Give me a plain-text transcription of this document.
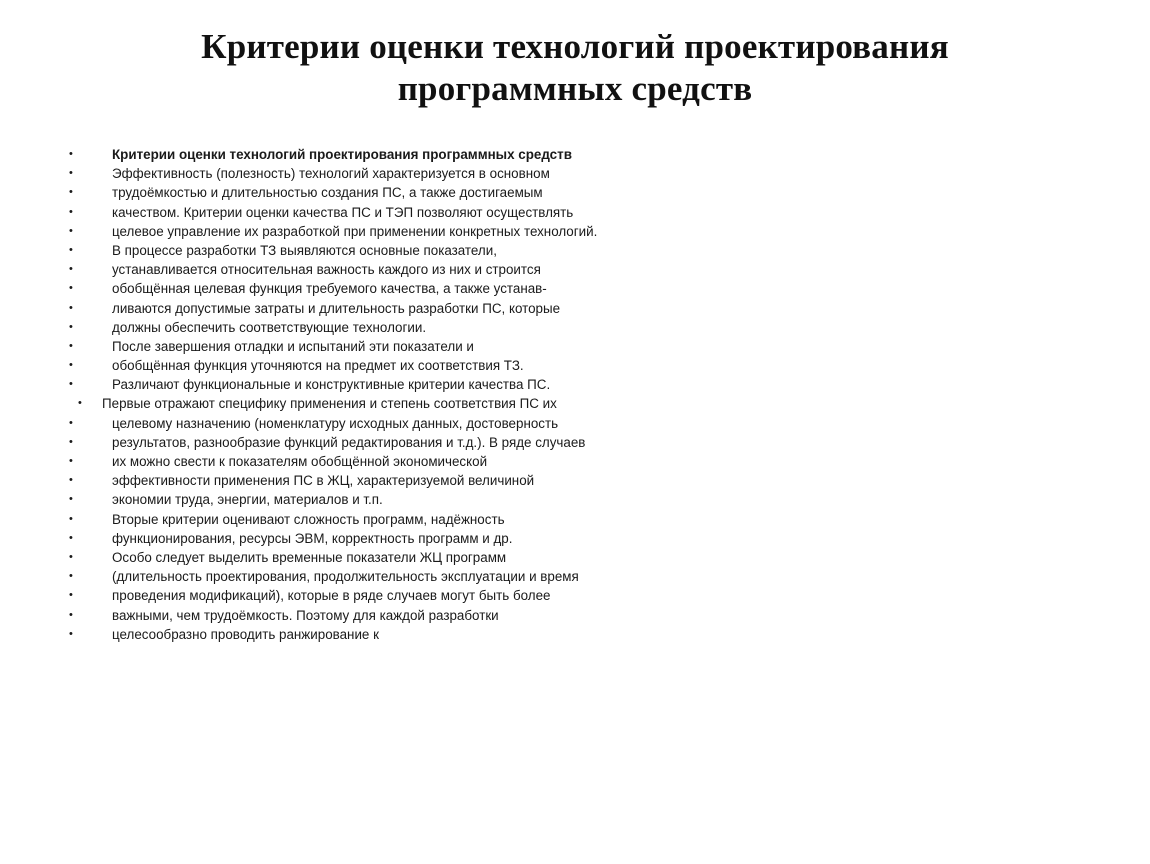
Критерии оценки технологий проектирования
программных средств
•	Критерии оценки технологий проектирования программных средств
•	Эффективность (полезность) технологий характеризуется в основном
•	трудоёмкостью и длительностью создания ПС, а также достигаемым
•	качеством. Критерии оценки качества ПС и ТЭП позволяют осуществлять
•	целевое управление их разработкой при применении конкретных технологий.
•	В процессе разработки ТЗ выявляются основные показатели,
•	устанавливается относительная важность каждого из них и строится
•	обобщённая целевая функция требуемого качества, а также устанав-
•	ливаются допустимые затраты и длительность разработки ПС, которые
•	должны обеспечить соответствующие технологии.
•	После завершения отладки и испытаний эти показатели и
•	обобщённая функция уточняются на предмет их соответствия ТЗ.
•	Различают функциональные и конструктивные критерии качества ПС.
• Первые отражают специфику применения и степень соответствия ПС их
•	целевому назначению (номенклатуру исходных данных, достоверность
•	результатов, разнообразие функций редактирования и т.д.). В ряде случаев
•	их можно свести к показателям обобщённой экономической
•	эффективности применения ПС в ЖЦ, характеризуемой величиной
•	экономии труда, энергии, материалов и т.п.
•	Вторые критерии оценивают сложность программ, надёжность
•	функционирования, ресурсы ЭВМ, корректность программ и др.
•	Особо следует выделить временные показатели ЖЦ программ
•	(длительность проектирования, продолжительность эксплуатации и время
•	проведения модификаций), которые в ряде случаев могут быть более
•	важными, чем трудоёмкость. Поэтому для каждой разработки
•	целесообразно проводить ранжирование к
